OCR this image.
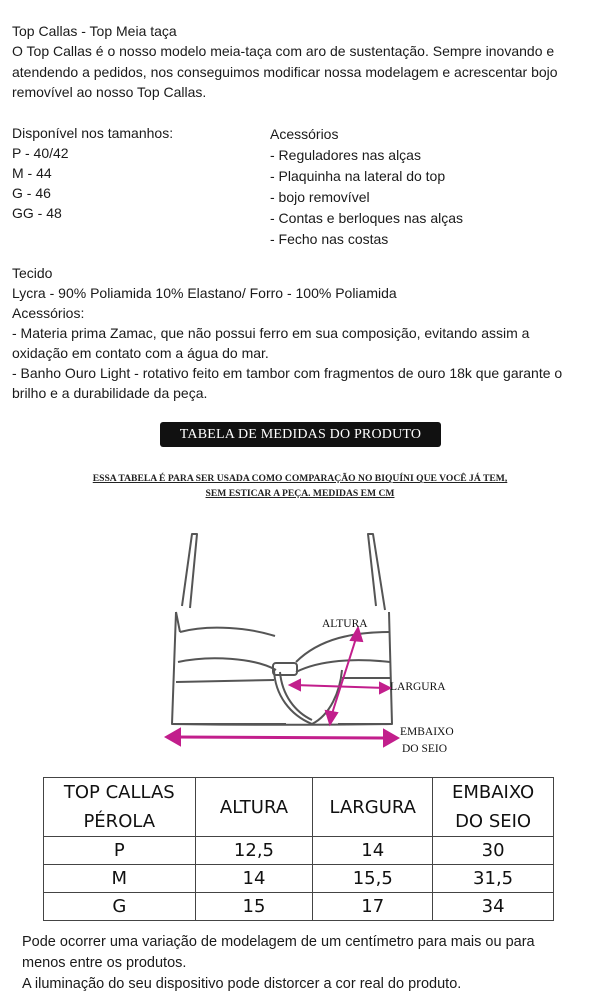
Top Callas - Top Meia taça
O Top Callas é o nosso modelo meia-taça com aro de sustentação. Sempre inovando e atendendo a pedidos, nos conseguimos modificar nossa modelagem e acrescentar bojo removível ao nosso Top Callas.
Disponível nos tamanhos:
P - 40/42
M - 44
G - 46
GG - 48
Acessórios
- Reguladores nas alças
- Plaquinha na lateral do top
- bojo removível
- Contas e berloques nas alças
- Fecho nas costas
Tecido
Lycra - 90% Poliamida 10% Elastano/ Forro - 100% Poliamida
Acessórios:
- Materia prima Zamac, que não possui ferro em sua composição, evitando assim a
oxidação em contato com a água do mar.
- Banho Ouro Light - rotativo feito em tambor com fragmentos de ouro 18k que garante o
brilho e a durabilidade da peça.
TABELA DE MEDIDAS DO PRODUTO
ESSA TABELA É PARA SER USADA COMO COMPARAÇÃO NO BIQUÍNI QUE VOCÊ JÁ TEM,
SEM ESTICAR A PEÇA. MEDIDAS EM CM
ALTURA
LARGURA
EMBAIXO
DO SEIO
TOP CALLAS
PÉROLA	ALTURA	LARGURA	EMBAIXO
DO SEIO
P	12,5	14	30
M	14	15,5	31,5
G	15	17	34
Pode ocorrer uma variação de modelagem de um centímetro para mais ou para
menos entre os produtos.
A iluminação do seu dispositivo pode distorcer a cor real do produto.
